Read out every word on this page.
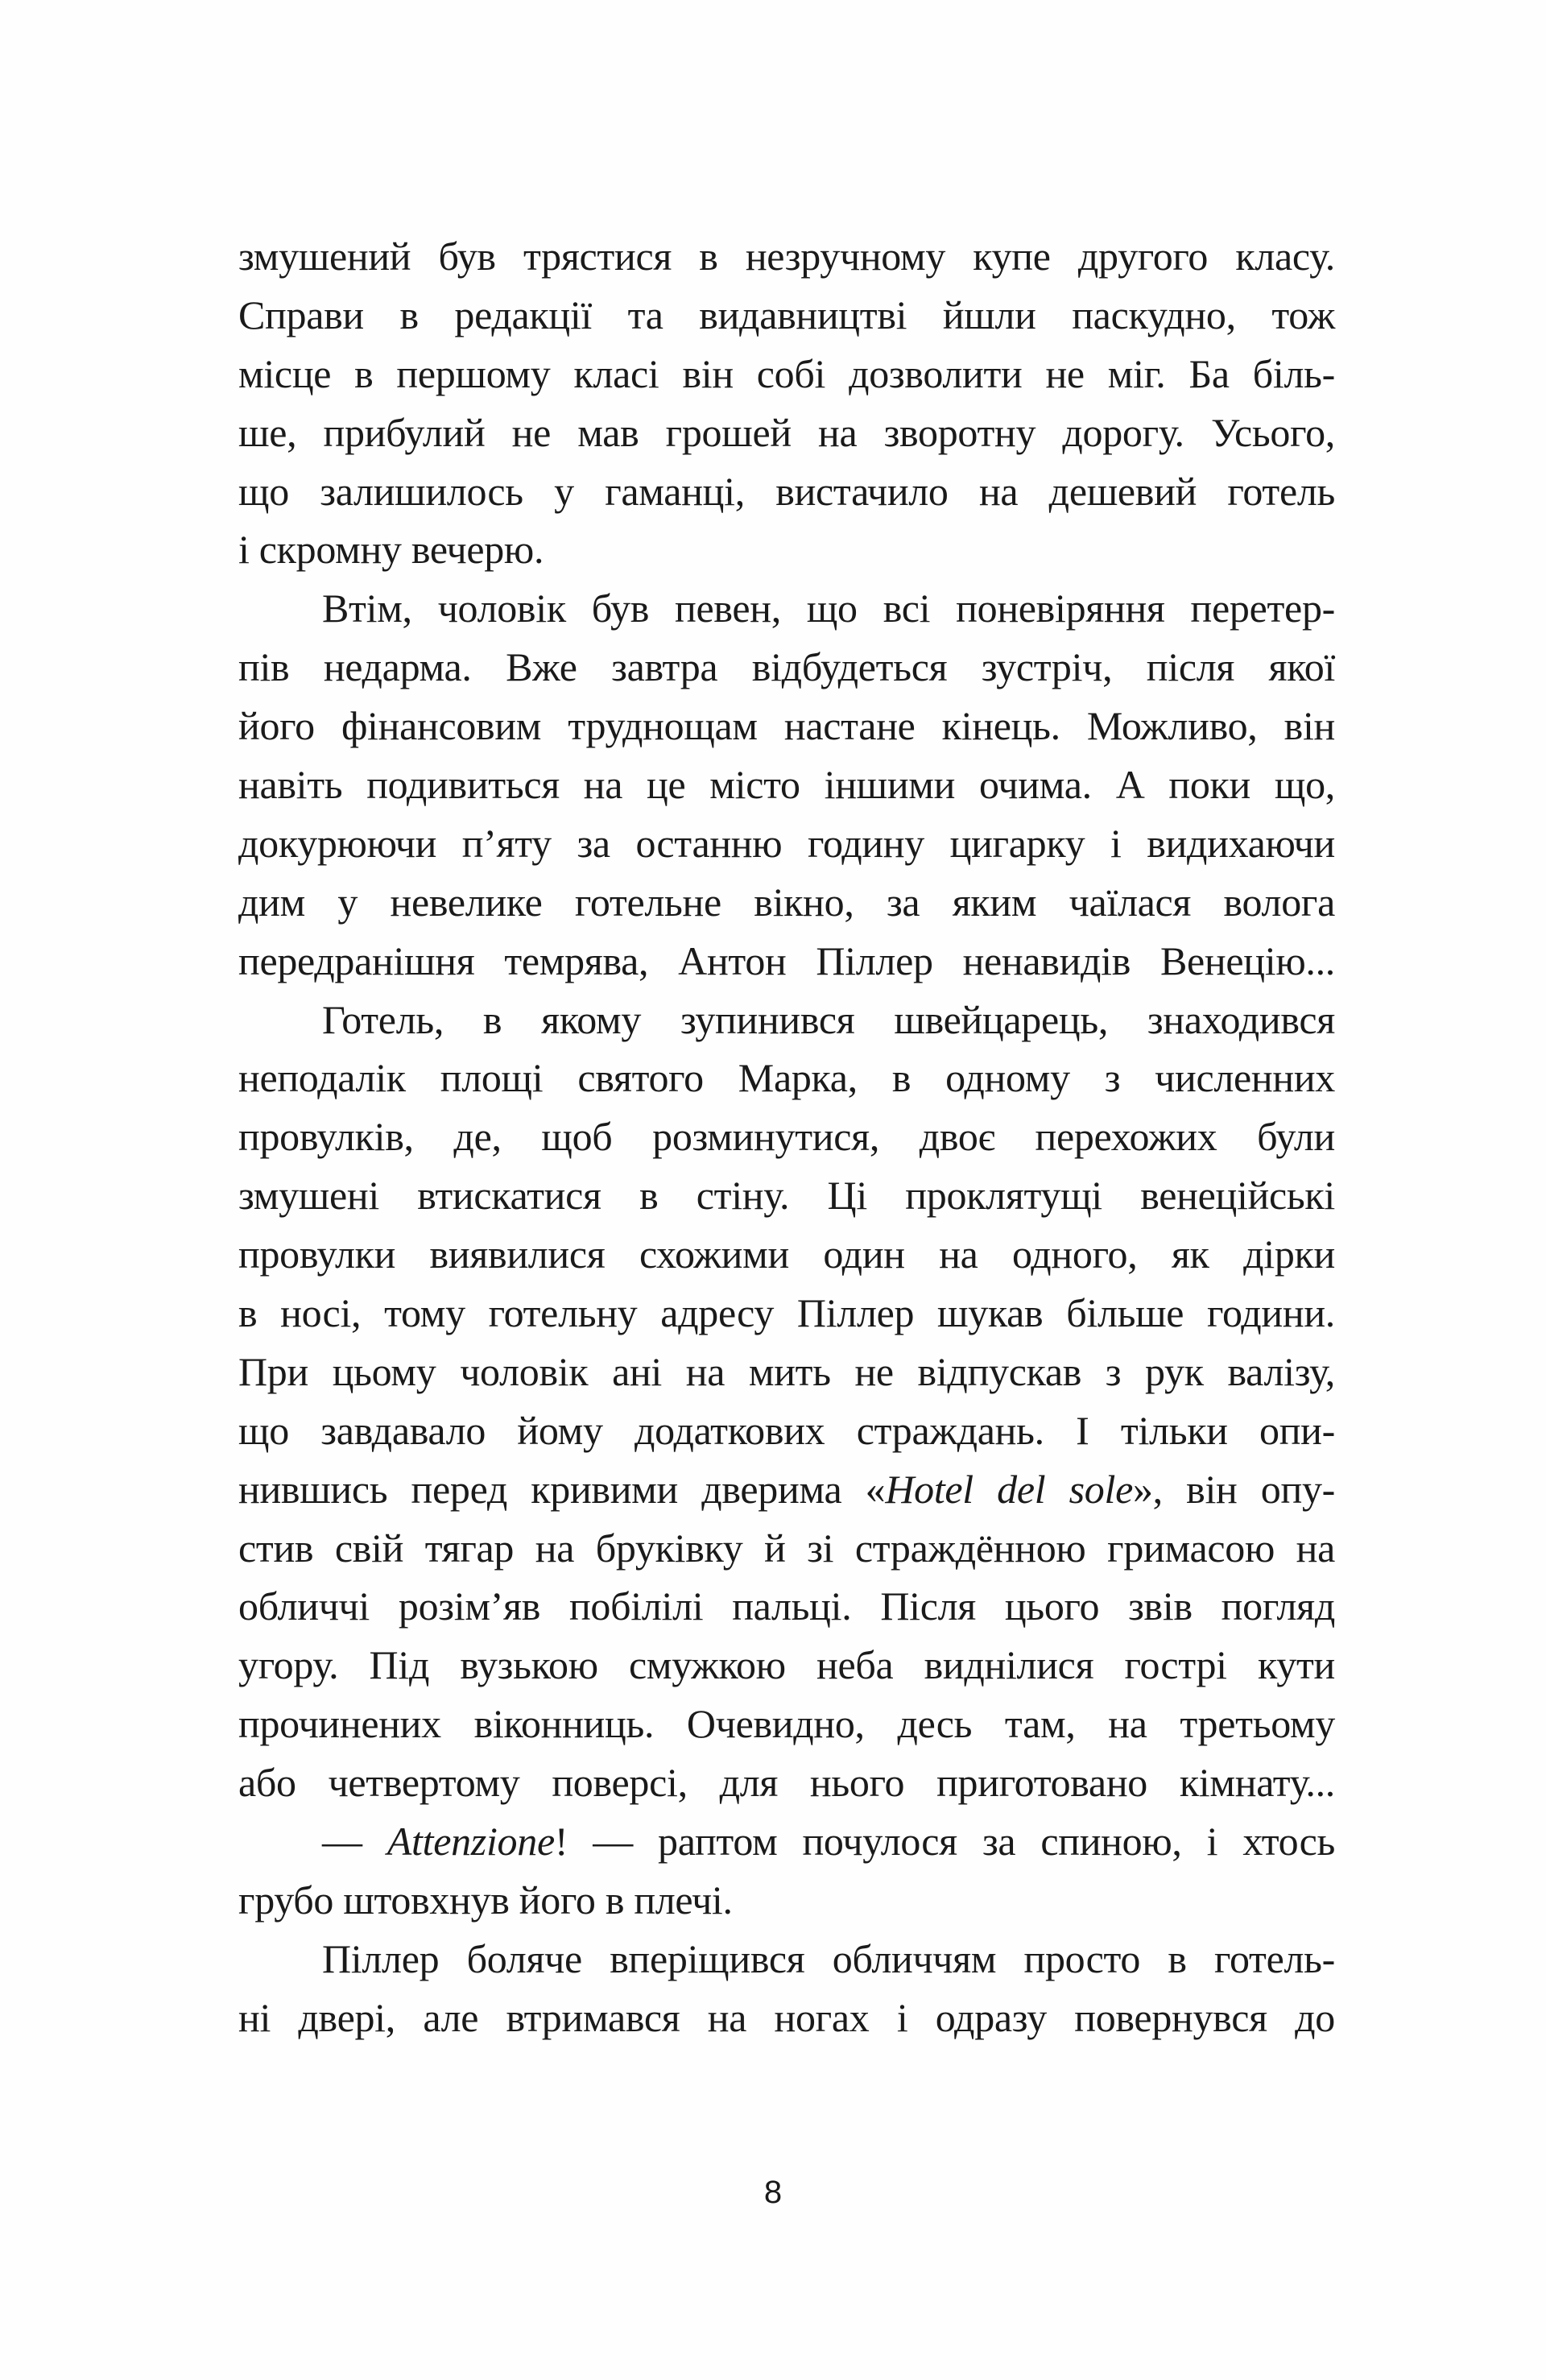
змушений був трястися в незручному купе другого класу.
Справи в редакції та видавництві йшли паскудно, тож
місце в першому класі він собі дозволити не міг. Ба біль-
ше, прибулий не мав грошей на зворотну дорогу. Усього,
що залишилось у гаманці, вистачило на дешевий готель
і скромну вечерю.
Втім, чоловік був певен, що всі поневіряння перетер-
пів недарма. Вже завтра відбудеться зустріч, після якої
його фінансовим труднощам настане кінець. Можливо, він
навіть подивиться на це місто іншими очима. А поки що,
докурюючи п’яту за останню годину цигарку і видихаючи
дим у невелике готельне вікно, за яким чаїлася волога
передранішня темрява, Антон Піллер ненавидів Венецію...
Готель, в якому зупинився швейцарець, знаходився
неподалік площі святого Марка, в одному з численних
провулків, де, щоб розминутися, двоє перехожих були
змушені втискатися в стіну. Ці проклятущі венеційські
провулки виявилися схожими один на одного, як дірки
в носі, тому готельну адресу Піллер шукав більше години.
При цьому чоловік ані на мить не відпускав з рук валізу,
що завдавало йому додаткових страждань. І тільки опи-
нившись перед кривими дверима «Hotel del sole», він опу-
стив свій тягар на бруківку й зі страждённою гримасою на
обличчі розім’яв побілілі пальці. Після цього звів погляд
угору. Під вузькою смужкою неба виднілися гострі кути
прочинених віконниць. Очевидно, десь там, на третьому
або четвертому поверсі, для нього приготовано кімнату...
— Attenzione! — раптом почулося за спиною, і хтось
грубо штовхнув його в плечі.
Піллер боляче вперіщився обличчям просто в готель-
ні двері, але втримався на ногах і одразу повернувся до
8
